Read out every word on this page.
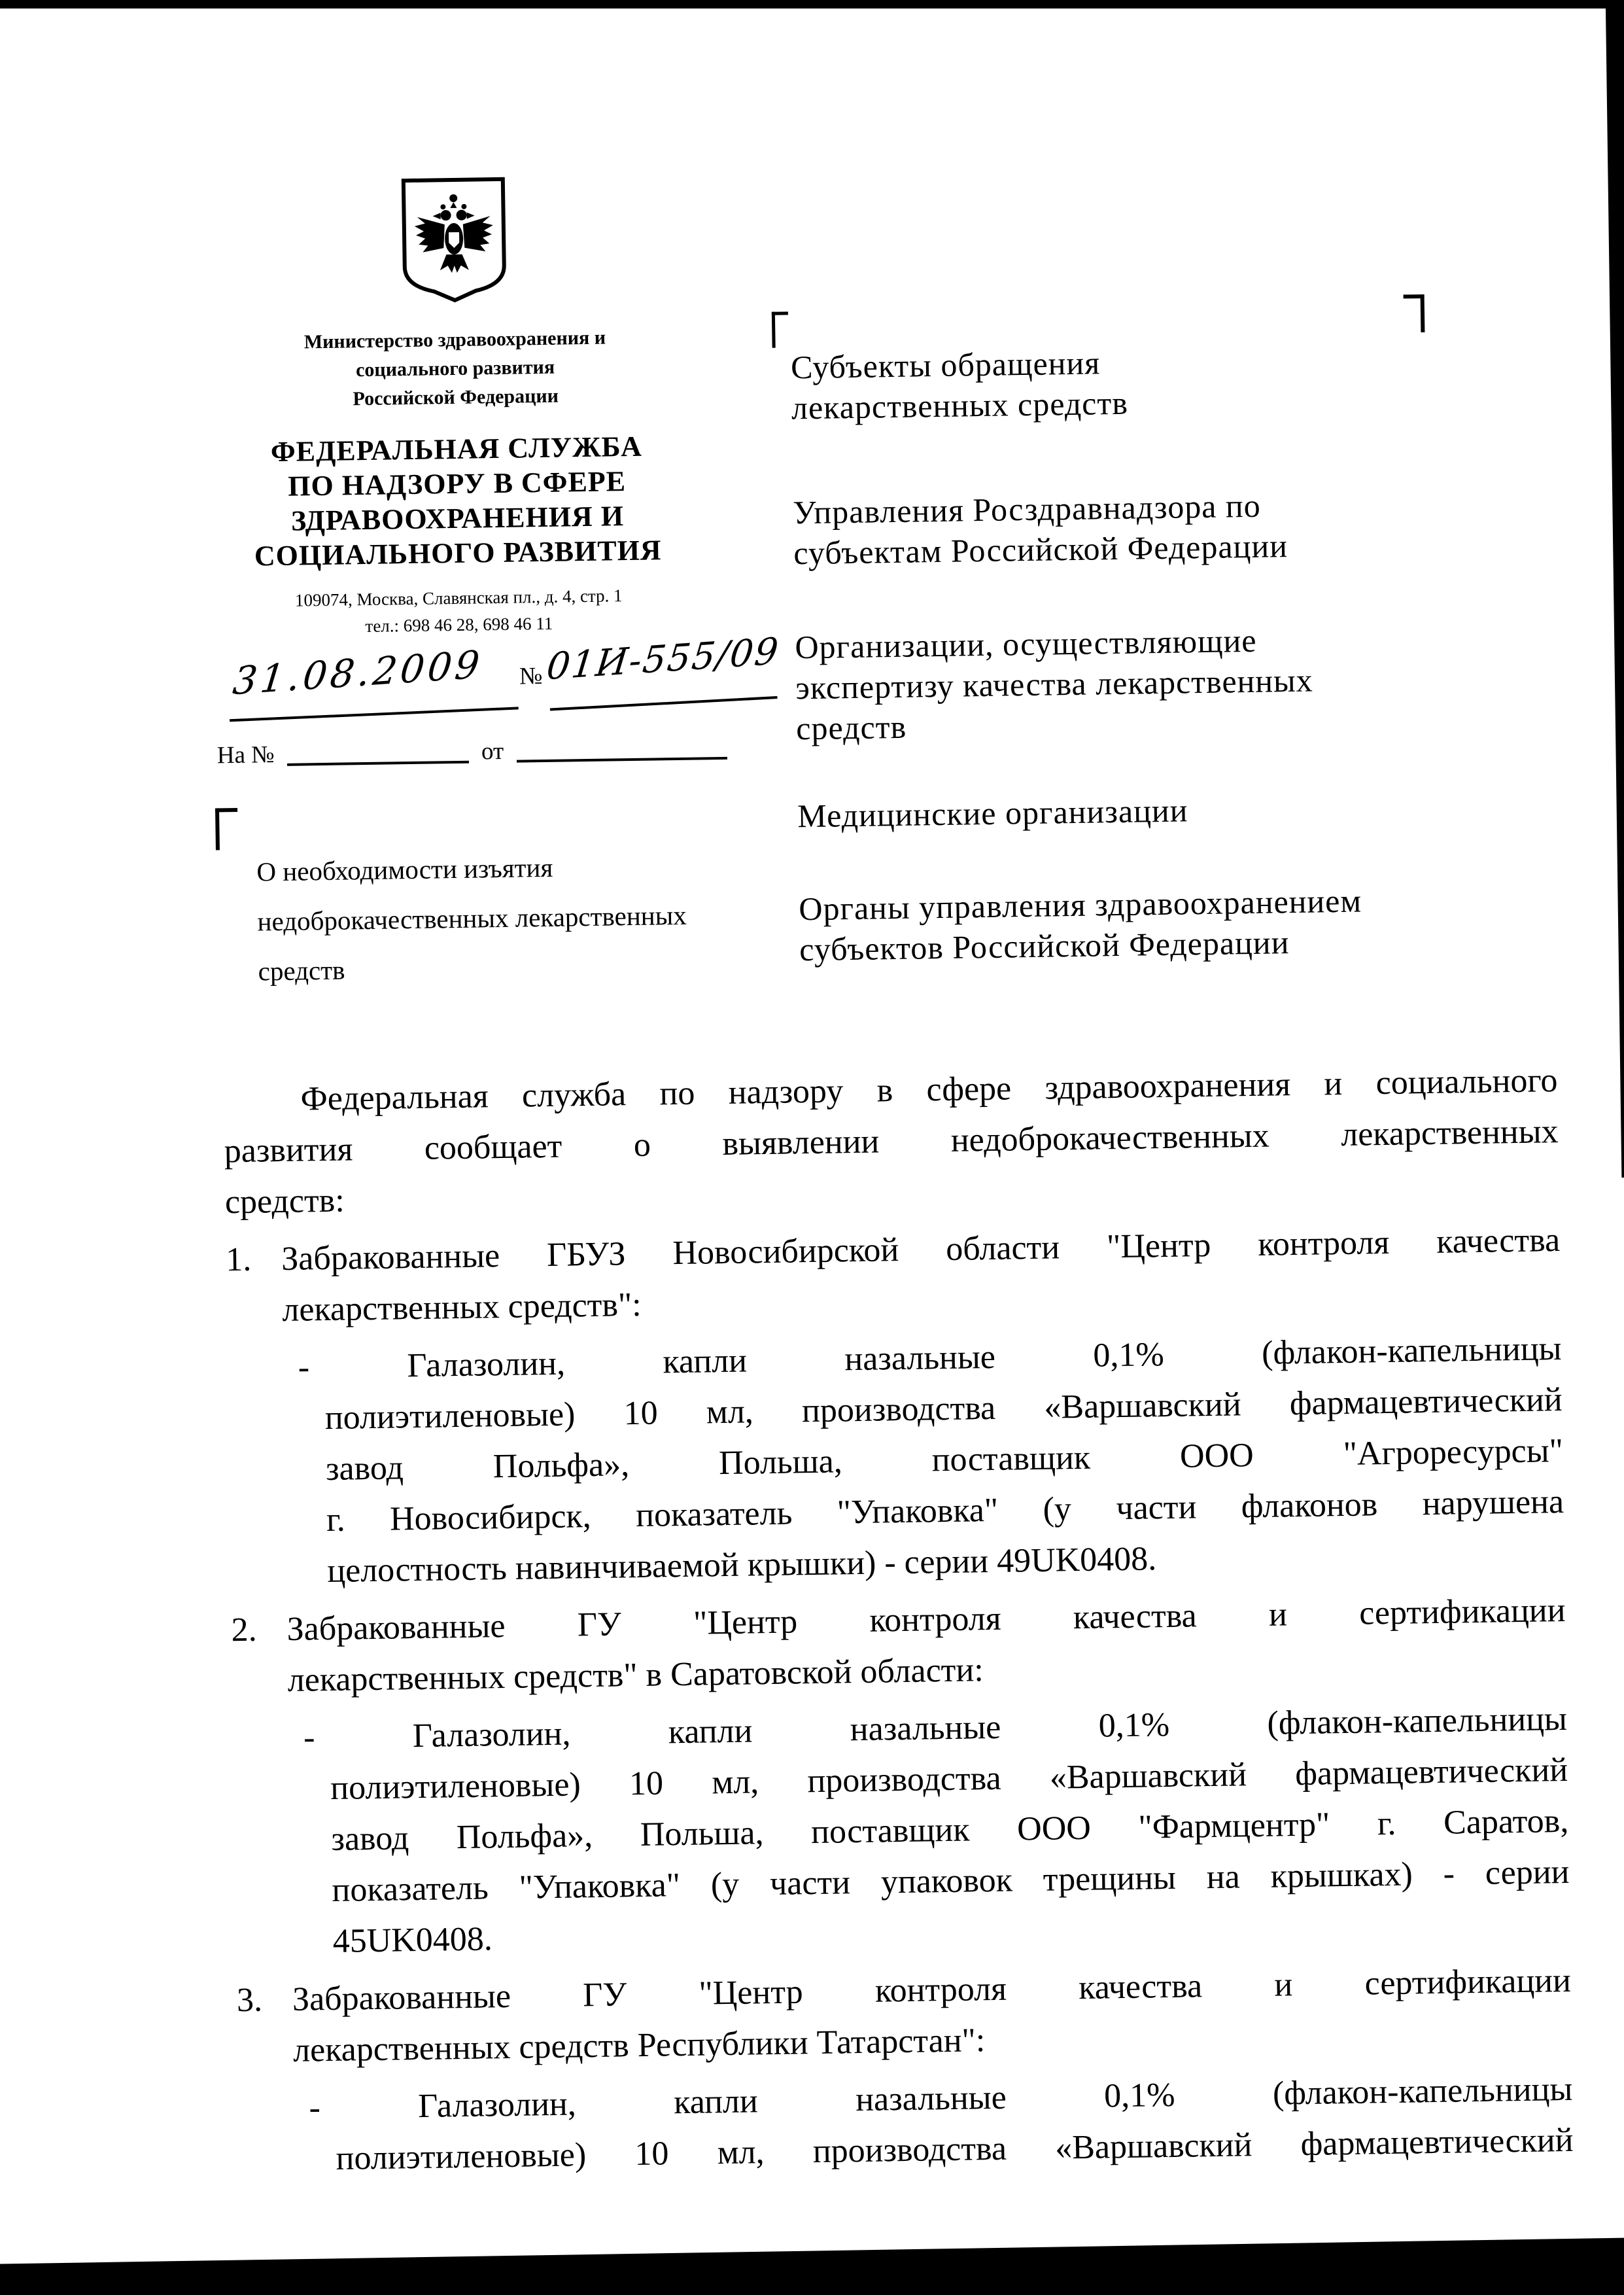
Министерство здравоохранения и
социального развития
Российской Федерации
ФЕДЕРАЛЬНАЯ СЛУЖБА
ПО НАДЗОРУ В СФЕРЕ
ЗДРАВООХРАНЕНИЯ И
СОЦИАЛЬНОГО РАЗВИТИЯ
109074, Москва, Славянская пл., д. 4, стр. 1
тел.: 698 46 28, 698 46 11
31.08.2009 № 01И-555/09
На №	от
О необходимости изъятия
недоброкачественных лекарственных
средств
Субъекты обращения
лекарственных средств
Управления Росздравнадзора по
субъектам Российской Федерации
Организации, осуществляющие
экспертизу качества лекарственных
средств
Медицинские организации
Органы управления здравоохранением
субъектов Российской Федерации
Федеральная служба по надзору в сфере здравоохранения и социального
развития сообщает о выявлении недоброкачественных лекарственных
средств:
1. Забракованные ГБУЗ Новосибирской области "Центр контроля качества
лекарственных средств":
- Галазолин, капли назальные 0,1% (флакон-капельницы
полиэтиленовые) 10 мл, производства «Варшавский фармацевтический
завод Польфа», Польша, поставщик ООО "Агроресурсы"
г. Новосибирск, показатель "Упаковка" (у части флаконов нарушена
целостность навинчиваемой крышки) - серии 49UK0408.
2. Забракованные ГУ "Центр контроля качества и сертификации
лекарственных средств" в Саратовской области:
- Галазолин, капли назальные 0,1% (флакон-капельницы
полиэтиленовые) 10 мл, производства «Варшавский фармацевтический
завод Польфа», Польша, поставщик ООО "Фармцентр" г. Саратов,
показатель "Упаковка" (у части упаковок трещины на крышках) - серии
45UK0408.
3. Забракованные ГУ "Центр контроля качества и сертификации
лекарственных средств Республики Татарстан":
- Галазолин, капли назальные 0,1% (флакон-капельницы
полиэтиленовые) 10 мл, производства «Варшавский фармацевтический
